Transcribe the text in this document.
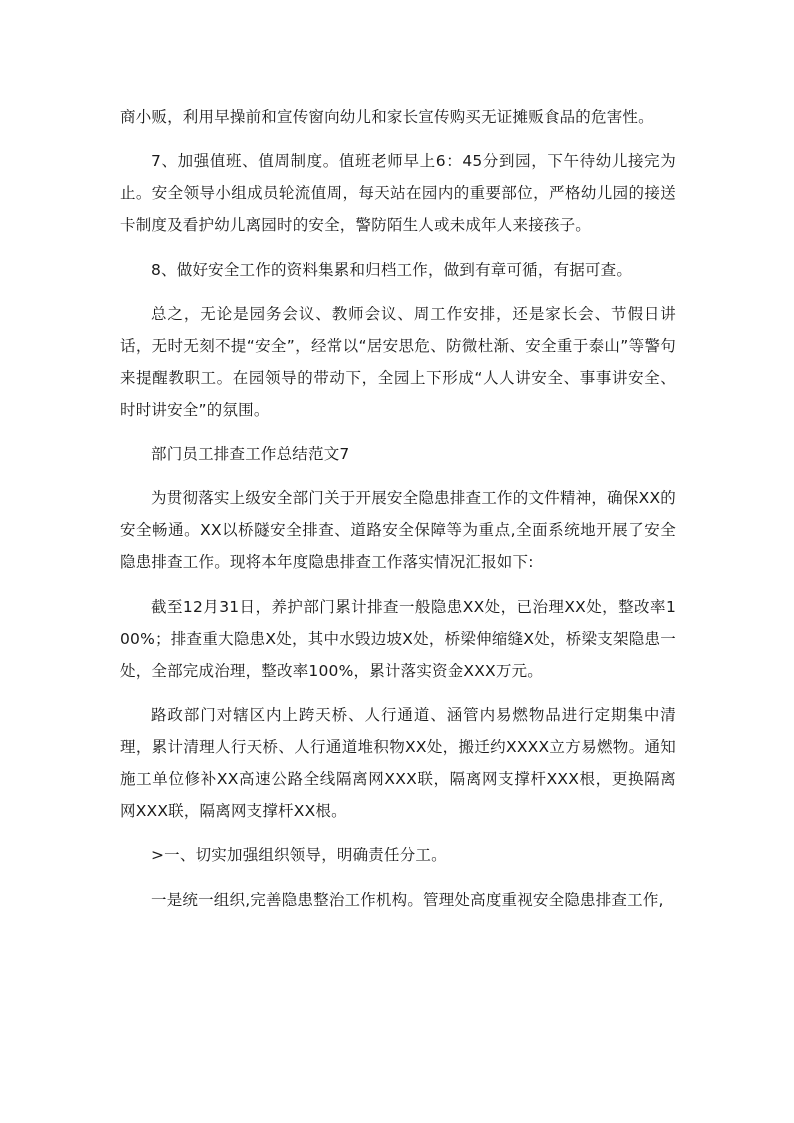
商小贩，利用早操前和宣传窗向幼儿和家长宣传购买无证摊贩食品的危害性。

7、加强值班、值周制度。值班老师早上6：45分到园，下午待幼儿接完为止。安全领导小组成员轮流值周，每天站在园内的重要部位，严格幼儿园的接送卡制度及看护幼儿离园时的安全，警防陌生人或未成年人来接孩子。

8、做好安全工作的资料集累和归档工作，做到有章可循，有据可查。

总之，无论是园务会议、教师会议、周工作安排，还是家长会、节假日讲话，无时无刻不提“安全”，经常以“居安思危、防微杜渐、安全重于泰山”等警句来提醒教职工。在园领导的带动下，全园上下形成“人人讲安全、事事讲安全、时时讲安全”的氛围。

部门员工排查工作总结范文7

为贯彻落实上级安全部门关于开展安全隐患排查工作的文件精神，确保XX的安全畅通。XX以桥隧安全排查、道路安全保障等为重点,全面系统地开展了安全隐患排查工作。现将本年度隐患排查工作落实情况汇报如下:

截至12月31日，养护部门累计排查一般隐患XX处，已治理XX处，整改率100%；排查重大隐患X处，其中水毁边坡X处，桥梁伸缩缝X处，桥梁支架隐患一处，全部完成治理，整改率100%，累计落实资金XXX万元。

路政部门对辖区内上跨天桥、人行通道、涵管内易燃物品进行定期集中清理，累计清理人行天桥、人行通道堆积物XX处，搬迁约XXXX立方易燃物。通知施工单位修补XX高速公路全线隔离网XXX联，隔离网支撑杆XXX根，更换隔离网XXX联，隔离网支撑杆XX根。

>一、切实加强组织领导，明确责任分工。

一是统一组织,完善隐患整治工作机构。管理处高度重视安全隐患排查工作,
